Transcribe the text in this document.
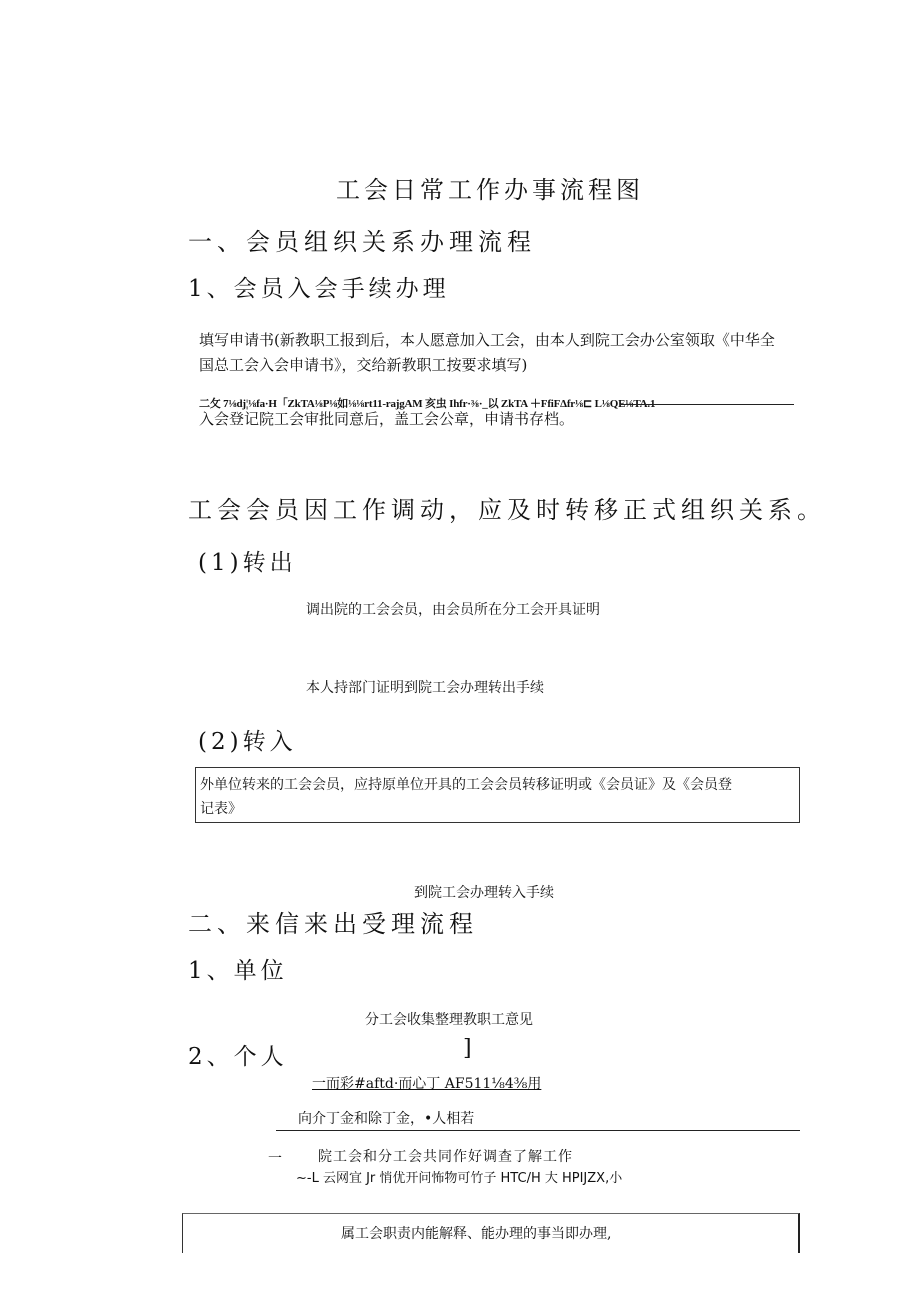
工会日常工作办事流程图
一、会员组织关系办理流程
1、会员入会手续办理
填写申请书(新教职工报到后，本人愿意加入工会，由本人到院工会办公室领取《中华全
国总工会入会申请书》，交给新教职工按要求填写)
二攵 7⅛dj¦⅛fa·H「ZkTA⅛P⅛如⅛⅛rt11-rajgAM 亥虫 Ihfr·⅜·_以 ZkTA ＋FfiFΔfr⅛⊏ L⅛QE⅛TA.1
入会登记院工会审批同意后，盖工会公章，申请书存档。
工会会员因工作调动，应及时转移正式组织关系。
(1)转出
调出院的工会会员，由会员所在分工会开具证明
本人持部门证明到院工会办理转出手续
(2)转入
外单位转来的工会会员，应持原单位开具的工会会员转移证明或《会员证》及《会员登
记表》
到院工会办理转入手续
二、来信来出受理流程
1、单位
分工会收集整理教职工意见
2、个人	]
一而彩#aftd·而心丁 AF511⅛4⅜用
向介丁金和除丁金，•人相若
一	院工会和分工会共同作好调查了解工作
~-L 云网宜 Jr 悄优开问怖物可竹子 HTC/H 大 HPIJZX,小
属工会职责内能解释、能办理的事当即办理,
